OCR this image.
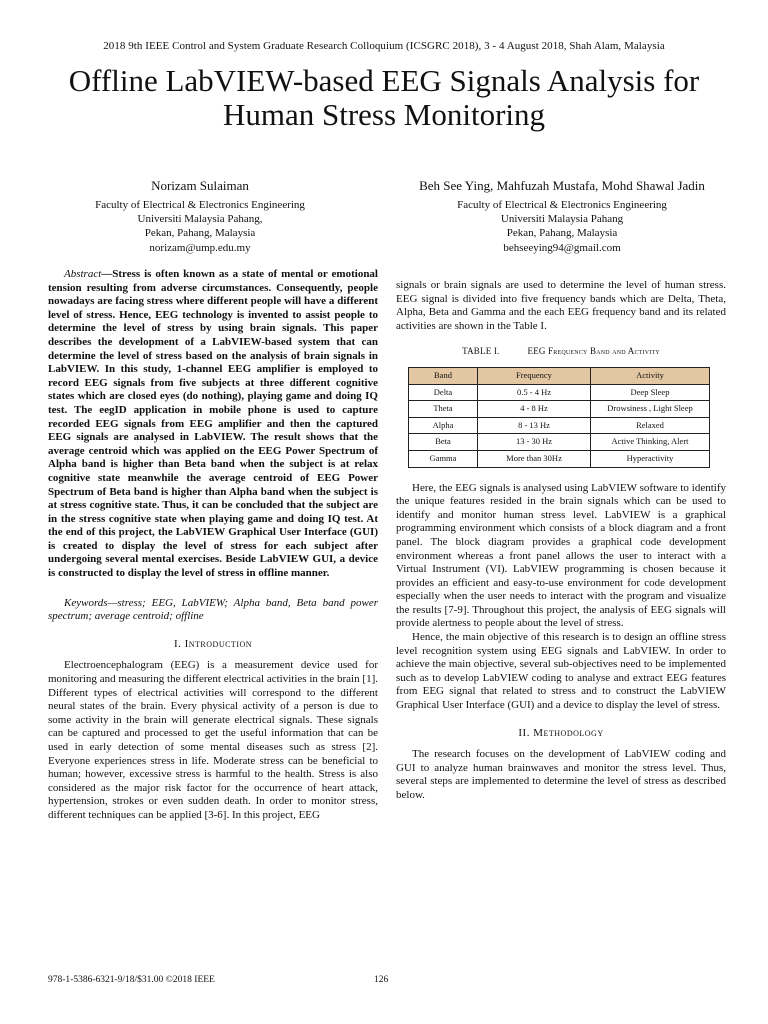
2018 9th IEEE Control and System Graduate Research Colloquium (ICSGRC 2018), 3 - 4 August 2018, Shah Alam, Malaysia
Offline LabVIEW-based EEG Signals Analysis for Human Stress Monitoring
Norizam Sulaiman
Faculty of Electrical & Electronics Engineering
Universiti Malaysia Pahang,
Pekan, Pahang, Malaysia
norizam@ump.edu.my
Beh See Ying, Mahfuzah Mustafa, Mohd Shawal Jadin
Faculty of Electrical & Electronics Engineering
Universiti Malaysia Pahang
Pekan, Pahang, Malaysia
behseeying94@gmail.com

Abstract—Stress is often known as a state of mental or emotional tension resulting from adverse circumstances. Consequently, people nowadays are facing stress where different people will have a different level of stress. Hence, EEG technology is invented to assist people to determine the level of stress by using brain signals. This paper describes the development of a LabVIEW-based system that can determine the level of stress based on the analysis of brain signals in LabVIEW. In this study, 1-channel EEG amplifier is employed to record EEG signals from five subjects at three different cognitive states which are closed eyes (do nothing), playing game and doing IQ test. The eegID application in mobile phone is used to capture recorded EEG signals from EEG amplifier and then the captured EEG signals are analysed in LabVIEW. The result shows that the average centroid which was applied on the EEG Power Spectrum of Alpha band is higher than Beta band when the subject is at relax cognitive state meanwhile the average centroid of EEG Power Spectrum of Beta band is higher than Alpha band when the subject is at stress cognitive state. Thus, it can be concluded that the subject are in the stress cognitive state when playing game and doing IQ test. At the end of this project, the LabVIEW Graphical User Interface (GUI) is created to display the level of stress for each subject after undergoing several mental exercises. Beside LabVIEW GUI, a device is constructed to display the level of stress in offline manner.

Keywords—stress; EEG, LabVIEW; Alpha band, Beta band power spectrum; average centroid; offline

I. Introduction

Electroencephalogram (EEG) is a measurement device used for monitoring and measuring the different electrical activities in the brain [1]. Different types of electrical activities will correspond to the different neural states of the brain. Every physical activity of a person is due to some activity in the brain will generate electrical signals. These signals can be captured and processed to get the useful information that can be used in early detection of some mental diseases such as stress [2]. Everyone experiences stress in life. Moderate stress can be beneficial to human; however, excessive stress is harmful to the health. Stress is also considered as the major risk factor for the occurrence of heart attack, hypertension, strokes or even sudden death. In order to monitor stress, different techniques can be applied [3-6]. In this project, EEG

signals or brain signals are used to determine the level of human stress. EEG signal is divided into five frequency bands which are Delta, Theta, Alpha, Beta and Gamma and the each EEG frequency band and its related activities are shown in the Table I.

TABLE I.	EEG Frequency Band and Activity
Band	Frequency	Activity
Delta	0.5 - 4 Hz	Deep Sleep
Theta	4 - 8 Hz	Drowsiness , Light Sleep
Alpha	8 - 13 Hz	Relaxed
Beta	13 - 30 Hz	Active Thinking, Alert
Gamma	More than 30Hz	Hyperactivity

Here, the EEG signals is analysed using LabVIEW software to identify the unique features resided in the brain signals which can be used to identify and monitor human stress level. LabVIEW is a graphical programming environment which consists of a block diagram and a front panel. The block diagram provides a graphical code development environment whereas a front panel allows the user to interact with a Virtual Instrument (VI). LabVIEW programming is chosen because it provides an efficient and easy-to-use environment for code development especially when the user needs to interact with the program and visualize the results [7-9]. Throughout this project, the analysis of EEG signals will provide alertness to people about the level of stress.

Hence, the main objective of this research is to design an offline stress level recognition system using EEG signals and LabVIEW. In order to achieve the main objective, several sub-objectives need to be implemented such as to develop LabVIEW coding to analyse and extract EEG features from EEG signal that related to stress and to construct the LabVIEW Graphical User Interface (GUI) and a device to display the level of stress.

II. Methodology

The research focuses on the development of LabVIEW coding and GUI to analyze human brainwaves and monitor the stress level. Thus, several steps are implemented to determine the level of stress as described below.

978-1-5386-6321-9/18/$31.00 ©2018 IEEE	126
